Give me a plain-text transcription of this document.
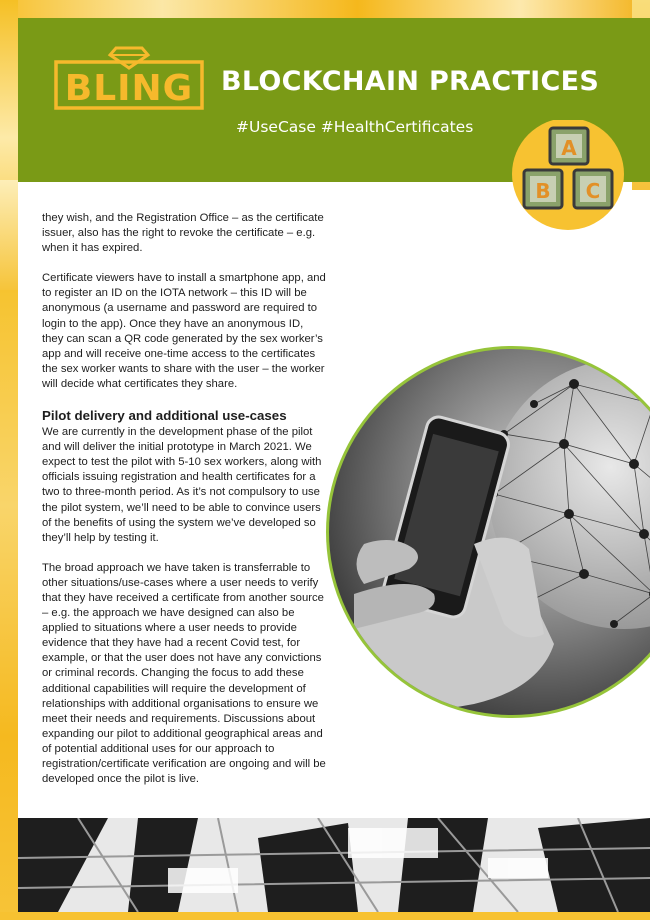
BLING BLOCKCHAIN PRACTICES
#UseCase #HealthCertificates
A
B C

they wish, and the Registration Office – as the certificate issuer, also has the right to revoke the certificate – e.g. when it has expired.

Certificate viewers have to install a smartphone app, and to register an ID on the IOTA network – this ID will be anonymous (a username and password are required to login to the app). Once they have an anonymous ID, they can scan a QR code generated by the sex worker’s app and will receive one-time access to the certificates the sex worker wants to share with the user – the worker will decide what certificates they share.

Pilot delivery and additional use-cases

We are currently in the development phase of the pilot and will deliver the initial prototype in March 2021. We expect to test the pilot with 5-10 sex workers, along with officials issuing registration and health certificates for a two to three-month period. As it’s not compulsory to use the pilot system, we’ll need to be able to convince users of the benefits of using the system we’ve developed so they’ll help by testing it.

The broad approach we have taken is transferrable to other situations/use-cases where a user needs to verify that they have received a certificate from another source – e.g. the approach we have designed can also be applied to situations where a user needs to provide evidence that they have had a recent Covid test, for example, or that the user does not have any convictions or criminal records. Changing the focus to add these additional capabilities will require the development of relationships with additional organisations to ensure we meet their needs and requirements. Discussions about expanding our pilot to additional geographical areas and of potential additional uses for our approach to registration/certificate verification are ongoing and will be developed once the pilot is live.
